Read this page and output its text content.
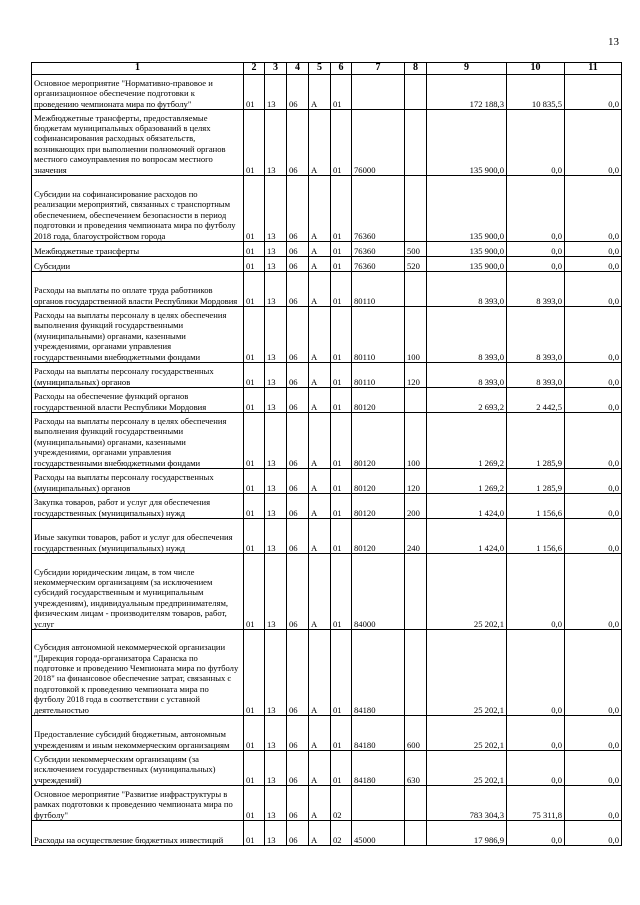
13
1	2	3	4	5	6	7	8	9	10	11
Основное мероприятие "Нормативно-правовое и организационное обеспечение подготовки к проведению чемпионата мира по футболу"	01	13	06	А	01			172 188,3	10 835,5	0,0
Межбюджетные трансферты, предоставляемые бюджетам муниципальных образований в целях софинансирования расходных обязательств, возникающих при выполнении полномочий органов местного самоуправления по вопросам местного значения	01	13	06	А	01	76000		135 900,0	0,0	0,0
Субсидии на софинансирование расходов по реализации мероприятий, связанных с транспортным обеспечением, обеспечением безопасности в период подготовки и проведения чемпионата мира по футболу 2018 года, благоустройством города	01	13	06	А	01	76360		135 900,0	0,0	0,0
Межбюджетные трансферты	01	13	06	А	01	76360	500	135 900,0	0,0	0,0
Субсидии	01	13	06	А	01	76360	520	135 900,0	0,0	0,0
Расходы на выплаты по оплате труда работников органов государственной власти Республики Мордовия	01	13	06	А	01	80110		8 393,0	8 393,0	0,0
Расходы на выплаты персоналу в целях обеспечения выполнения функций государственными (муниципальными) органами, казенными учреждениями, органами управления государственными внебюджетными фондами	01	13	06	А	01	80110	100	8 393,0	8 393,0	0,0
Расходы на выплаты персоналу государственных (муниципальных) органов	01	13	06	А	01	80110	120	8 393,0	8 393,0	0,0
Расходы на обеспечение функций органов государственной власти Республики Мордовия	01	13	06	А	01	80120		2 693,2	2 442,5	0,0
Расходы на выплаты персоналу в целях обеспечения выполнения функций государственными (муниципальными) органами, казенными учреждениями, органами управления государственными внебюджетными фондами	01	13	06	А	01	80120	100	1 269,2	1 285,9	0,0
Расходы на выплаты персоналу государственных (муниципальных) органов	01	13	06	А	01	80120	120	1 269,2	1 285,9	0,0
Закупка товаров, работ и услуг для обеспечения государственных (муниципальных) нужд	01	13	06	А	01	80120	200	1 424,0	1 156,6	0,0
Иные закупки товаров, работ и услуг для обеспечения государственных (муниципальных) нужд	01	13	06	А	01	80120	240	1 424,0	1 156,6	0,0
Субсидии юридическим лицам, в том числе некоммерческим организациям (за исключением субсидий государственным и муниципальным учреждениям), индивидуальным предпринимателям, физическим лицам - производителям товаров, работ, услуг	01	13	06	А	01	84000		25 202,1	0,0	0,0
Субсидия автономной некоммерческой организации "Дирекция города-организатора Саранска по подготовке и проведению Чемпионата мира по футболу 2018" на финансовое обеспечение затрат, связанных с подготовкой к проведению чемпионата мира по футболу 2018 года в соответствии с уставной деятельностью	01	13	06	А	01	84180		25 202,1	0,0	0,0
Предоставление субсидий бюджетным, автономным учреждениям и иным некоммерческим организациям	01	13	06	А	01	84180	600	25 202,1	0,0	0,0
Субсидии некоммерческим организациям (за исключением государственных (муниципальных) учреждений)	01	13	06	А	01	84180	630	25 202,1	0,0	0,0
Основное мероприятие "Развитие инфраструктуры в рамках подготовки к проведению чемпионата мира по футболу"	01	13	06	А	02			783 304,3	75 311,8	0,0
Расходы на осуществление бюджетных инвестиций	01	13	06	А	02	45000		17 986,9	0,0	0,0
